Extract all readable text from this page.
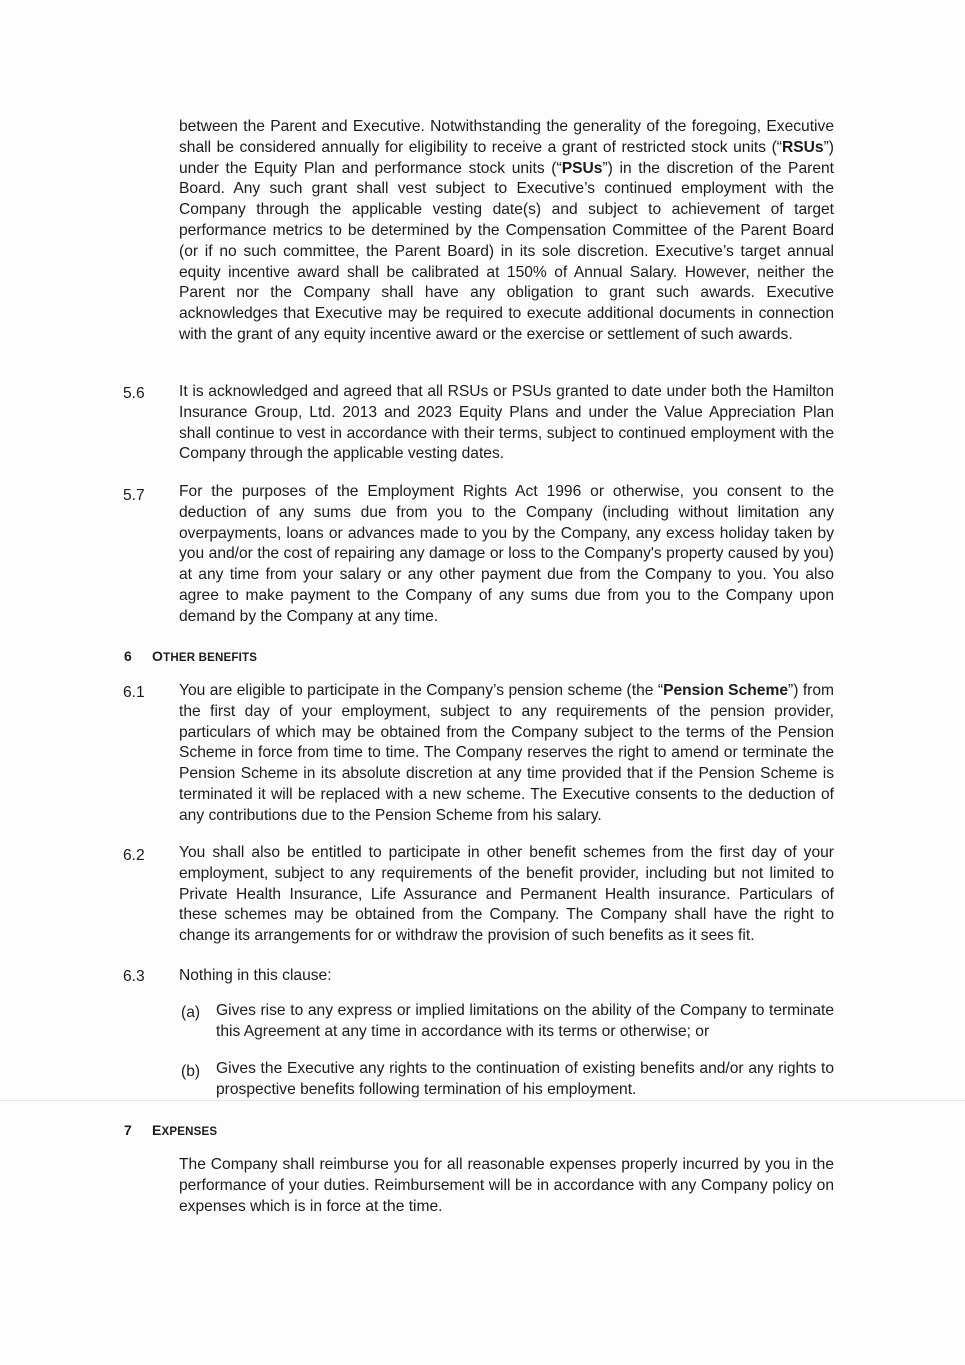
between the Parent and Executive. Notwithstanding the generality of the foregoing, Executive shall be considered annually for eligibility to receive a grant of restricted stock units (“RSUs”) under the Equity Plan and performance stock units (“PSUs”) in the discretion of the Parent Board. Any such grant shall vest subject to Executive’s continued employment with the Company through the applicable vesting date(s) and subject to achievement of target performance metrics to be determined by the Compensation Committee of the Parent Board (or if no such committee, the Parent Board) in its sole discretion. Executive’s target annual equity incentive award shall be calibrated at 150% of Annual Salary. However, neither the Parent nor the Company shall have any obligation to grant such awards. Executive acknowledges that Executive may be required to execute additional documents in connection with the grant of any equity incentive award or the exercise or settlement of such awards.

5.6 It is acknowledged and agreed that all RSUs or PSUs granted to date under both the Hamilton Insurance Group, Ltd. 2013 and 2023 Equity Plans and under the Value Appreciation Plan shall continue to vest in accordance with their terms, subject to continued employment with the Company through the applicable vesting dates.

5.7 For the purposes of the Employment Rights Act 1996 or otherwise, you consent to the deduction of any sums due from you to the Company (including without limitation any overpayments, loans or advances made to you by the Company, any excess holiday taken by you and/or the cost of repairing any damage or loss to the Company's property caused by you) at any time from your salary or any other payment due from the Company to you. You also agree to make payment to the Company of any sums due from you to the Company upon demand by the Company at any time.

6 OTHER BENEFITS
6.1 You are eligible to participate in the Company’s pension scheme (the “Pension Scheme”) from the first day of your employment, subject to any requirements of the pension provider, particulars of which may be obtained from the Company subject to the terms of the Pension Scheme in force from time to time. The Company reserves the right to amend or terminate the Pension Scheme in its absolute discretion at any time provided that if the Pension Scheme is terminated it will be replaced with a new scheme. The Executive consents to the deduction of any contributions due to the Pension Scheme from his salary.

6.2 You shall also be entitled to participate in other benefit schemes from the first day of your employment, subject to any requirements of the benefit provider, including but not limited to Private Health Insurance, Life Assurance and Permanent Health insurance. Particulars of these schemes may be obtained from the Company. The Company shall have the right to change its arrangements for or withdraw the provision of such benefits as it sees fit.

6.3 Nothing in this clause:

(a) Gives rise to any express or implied limitations on the ability of the Company to terminate this Agreement at any time in accordance with its terms or otherwise; or

(b) Gives the Executive any rights to the continuation of existing benefits and/or any rights to prospective benefits following termination of his employment.

7 EXPENSES

The Company shall reimburse you for all reasonable expenses properly incurred by you in the performance of your duties. Reimbursement will be in accordance with any Company policy on expenses which is in force at the time.
